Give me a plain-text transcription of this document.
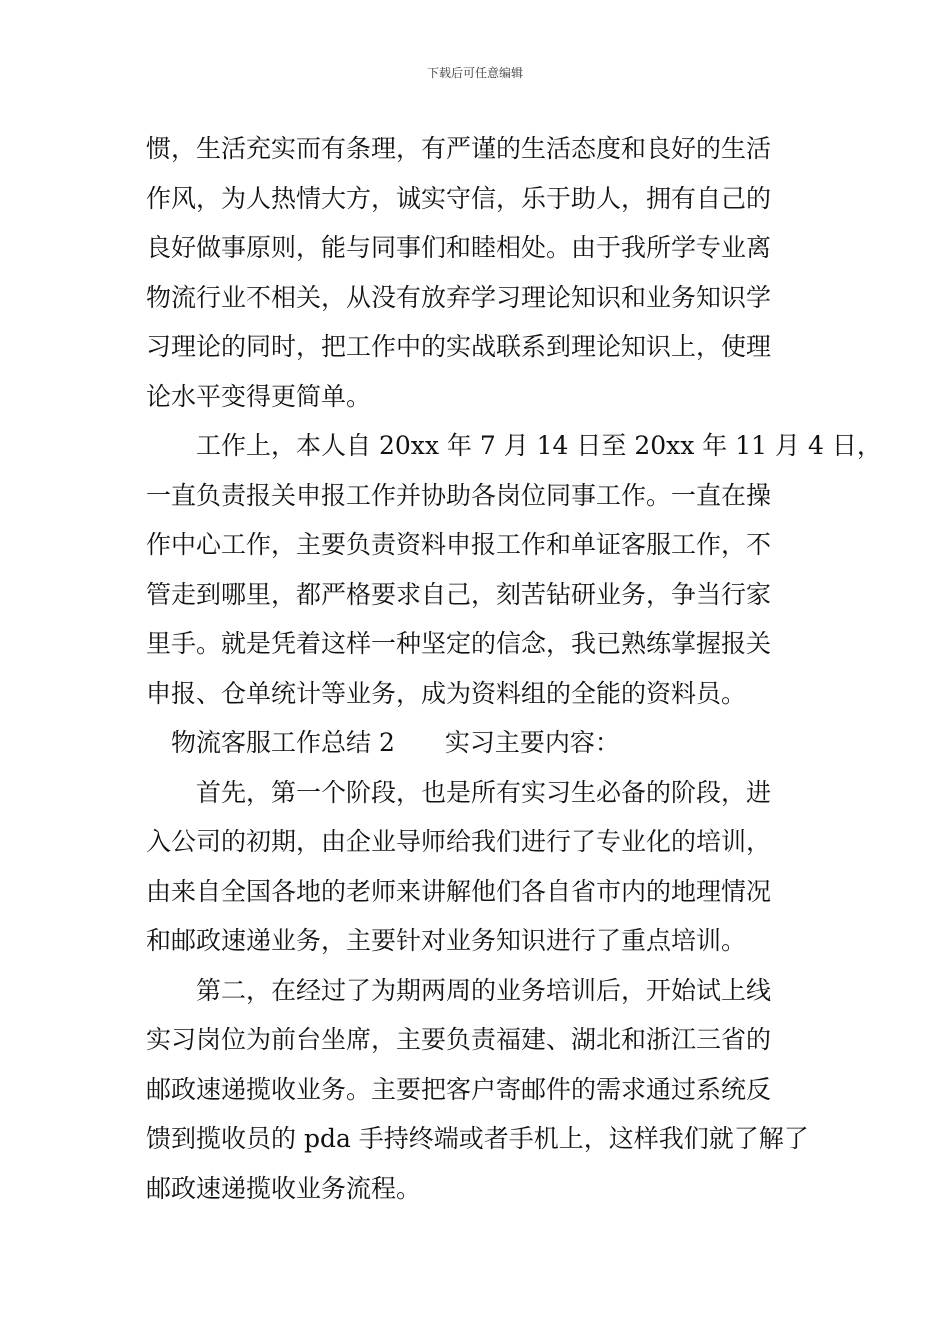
下载后可任意编辑
惯，生活充实而有条理，有严谨的生活态度和良好的生活
作风，为人热情大方，诚实守信，乐于助人，拥有自己的
良好做事原则，能与同事们和睦相处。由于我所学专业离
物流行业不相关，从没有放弃学习理论知识和业务知识学
习理论的同时，把工作中的实战联系到理论知识上，使理
论水平变得更简单。
　　工作上，本人自 20xx 年 7 月 14 日至 20xx 年 11 月 4 日，
一直负责报关申报工作并协助各岗位同事工作。一直在操
作中心工作，主要负责资料申报工作和单证客服工作，不
管走到哪里，都严格要求自己，刻苦钻研业务，争当行家
里手。就是凭着这样一种坚定的信念，我已熟练掌握报关
申报、仓单统计等业务，成为资料组的全能的资料员。
　物流客服工作总结 2　　实习主要内容：
　　首先，第一个阶段，也是所有实习生必备的阶段，进
入公司的初期，由企业导师给我们进行了专业化的培训，
由来自全国各地的老师来讲解他们各自省市内的地理情况
和邮政速递业务，主要针对业务知识进行了重点培训。
　　第二，在经过了为期两周的业务培训后，开始试上线
实习岗位为前台坐席，主要负责福建、湖北和浙江三省的
邮政速递揽收业务。主要把客户寄邮件的需求通过系统反
馈到揽收员的 pda 手持终端或者手机上，这样我们就了解了
邮政速递揽收业务流程。
